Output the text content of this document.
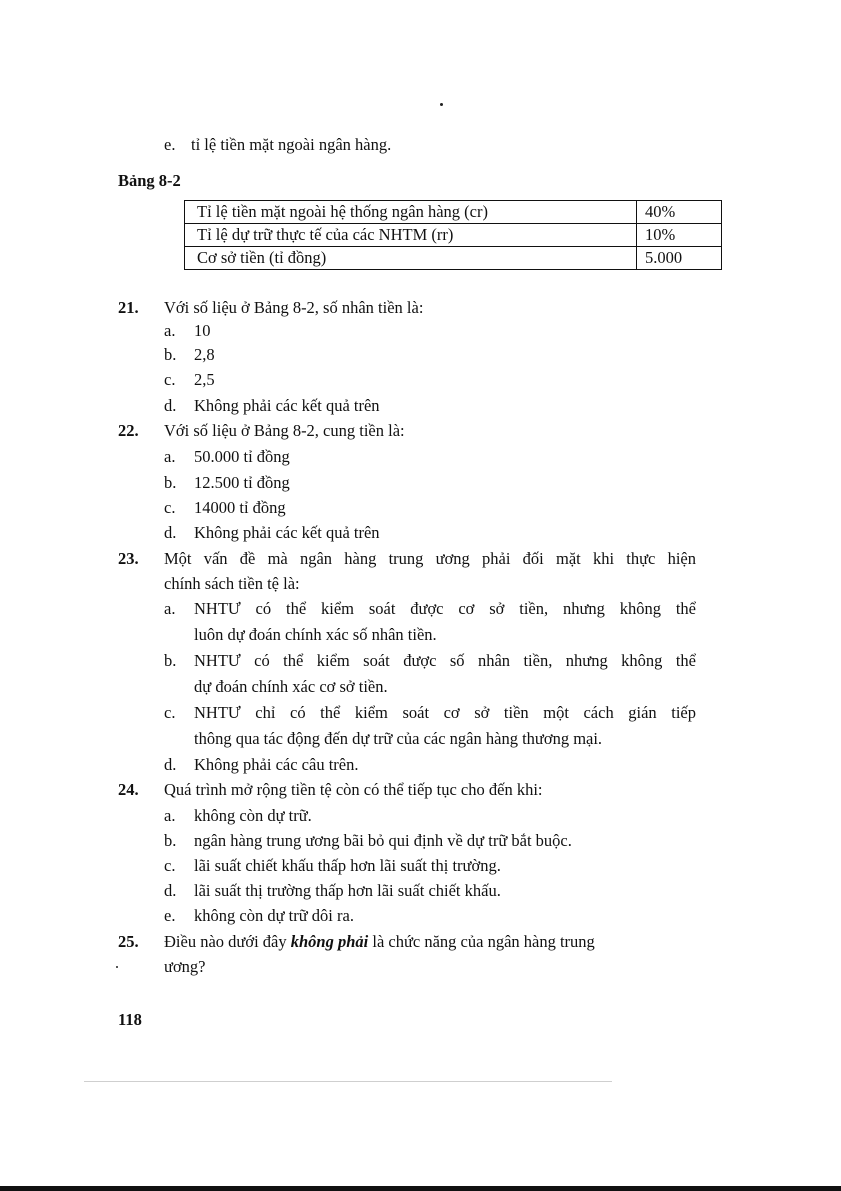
e. tỉ lệ tiền mặt ngoài ngân hàng.
Bảng 8-2
Tỉ lệ tiền mặt ngoài hệ thống ngân hàng (cr)	40%
Tỉ lệ dự trữ thực tế của các NHTM (rr)	10%
Cơ sở tiền (tỉ đồng)	5.000
21. Với số liệu ở Bảng 8-2, số nhân tiền là:
a. 10
b. 2,8
c. 2,5
d. Không phải các kết quả trên
22. Với số liệu ở Bảng 8-2, cung tiền là:
a. 50.000 tỉ đồng
b. 12.500 tỉ đồng
c. 14000 tỉ đồng
d. Không phải các kết quả trên
23. Một vấn đề mà ngân hàng trung ương phải đối mặt khi thực hiện
chính sách tiền tệ là:
a. NHTƯ có thể kiểm soát được cơ sở tiền, nhưng không thể
luôn dự đoán chính xác số nhân tiền.
b. NHTƯ có thể kiểm soát được số nhân tiền, nhưng không thể
dự đoán chính xác cơ sở tiền.
c. NHTƯ chỉ có thể kiểm soát cơ sở tiền một cách gián tiếp
thông qua tác động đến dự trữ của các ngân hàng thương mại.
d. Không phải các câu trên.
24. Quá trình mở rộng tiền tệ còn có thể tiếp tục cho đến khi:
a. không còn dự trữ.
b. ngân hàng trung ương bãi bỏ qui định về dự trữ bắt buộc.
c. lãi suất chiết khấu thấp hơn lãi suất thị trường.
d. lãi suất thị trường thấp hơn lãi suất chiết khấu.
e. không còn dự trữ dôi ra.
25. Điều nào dưới đây không phải là chức năng của ngân hàng trung
ương?
118
